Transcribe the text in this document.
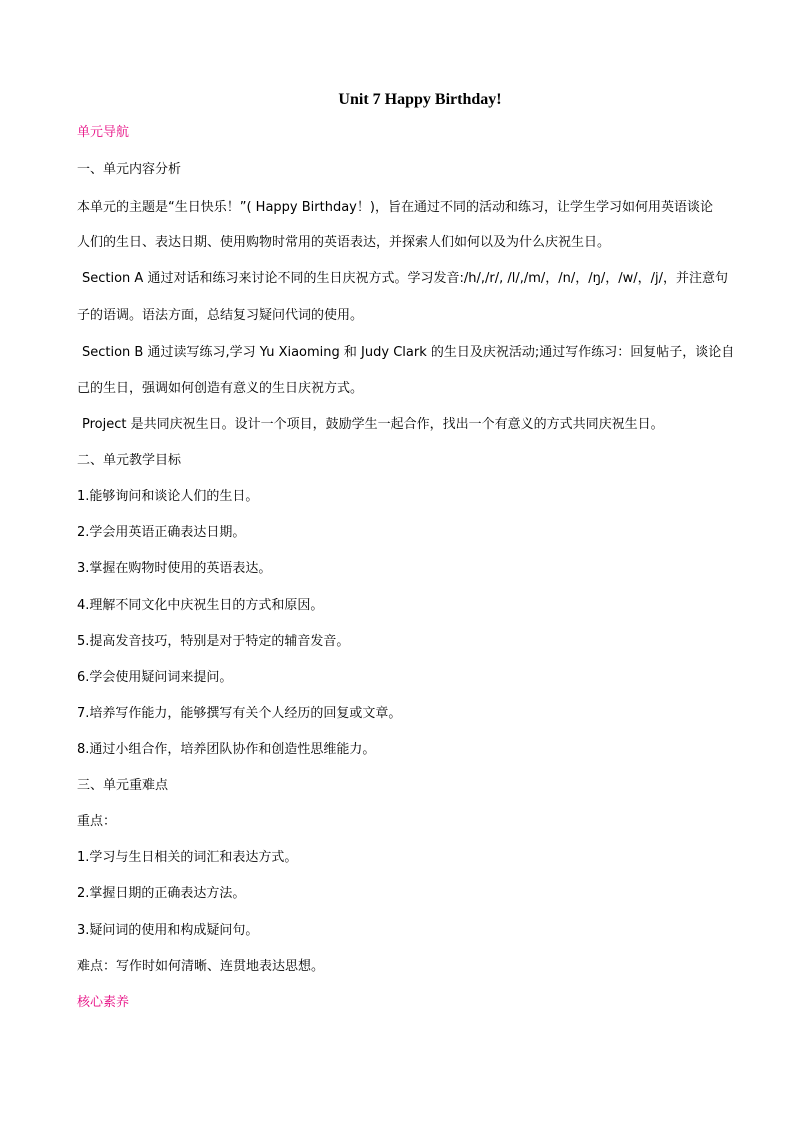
Unit 7 Happy Birthday!
单元导航
一、单元内容分析
本单元的主题是“生日快乐！”( Happy Birthday！)，旨在通过不同的活动和练习，让学生学习如何用英语谈论
人们的生日、表达日期、使用购物时常用的英语表达，并探索人们如何以及为什么庆祝生日。
Section A 通过对话和练习来讨论不同的生日庆祝方式。学习发音:/h/,/r/, /l/,/m/，/n/，/ŋ/，/w/，/j/，并注意句
子的语调。语法方面，总结复习疑问代词的使用。
Section B 通过读写练习,学习 Yu Xiaoming 和 Judy Clark 的生日及庆祝活动;通过写作练习：回复帖子，谈论自
己的生日，强调如何创造有意义的生日庆祝方式。
Project 是共同庆祝生日。设计一个项目，鼓励学生一起合作，找出一个有意义的方式共同庆祝生日。
二、单元教学目标
1.能够询问和谈论人们的生日。
2.学会用英语正确表达日期。
3.掌握在购物时使用的英语表达。
4.理解不同文化中庆祝生日的方式和原因。
5.提高发音技巧，特别是对于特定的辅音发音。
6.学会使用疑问词来提问。
7.培养写作能力，能够撰写有关个人经历的回复或文章。
8.通过小组合作，培养团队协作和创造性思维能力。
三、单元重难点
重点：
1.学习与生日相关的词汇和表达方式。
2.掌握日期的正确表达方法。
3.疑问词的使用和构成疑问句。
难点：写作时如何清晰、连贯地表达思想。
核心素养
